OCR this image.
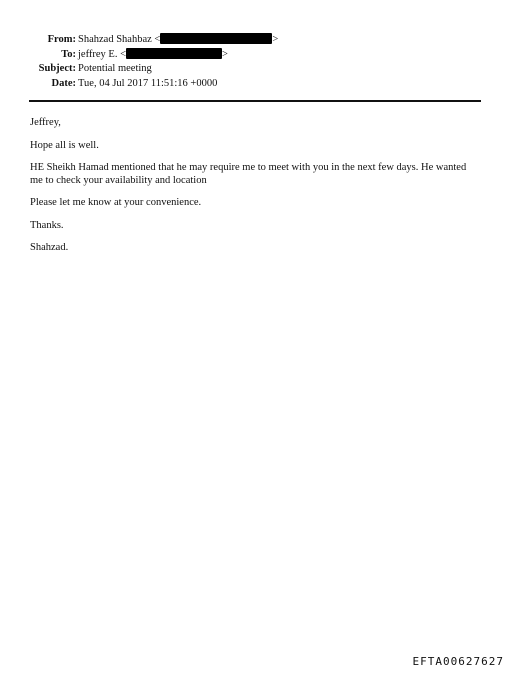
From: Shahzad Shahbaz <	>
To: jeffrey E. <	>
Subject: Potential meeting
Date: Tue, 04 Jul 2017 11:51:16 +0000

Jeffrey,

Hope all is well.

HE Sheikh Hamad mentioned that he may require me to meet with you in the next few days. He wanted me to check your availability and location

Please let me know at your convenience.

Thanks.

Shahzad.

EFTA00627627
